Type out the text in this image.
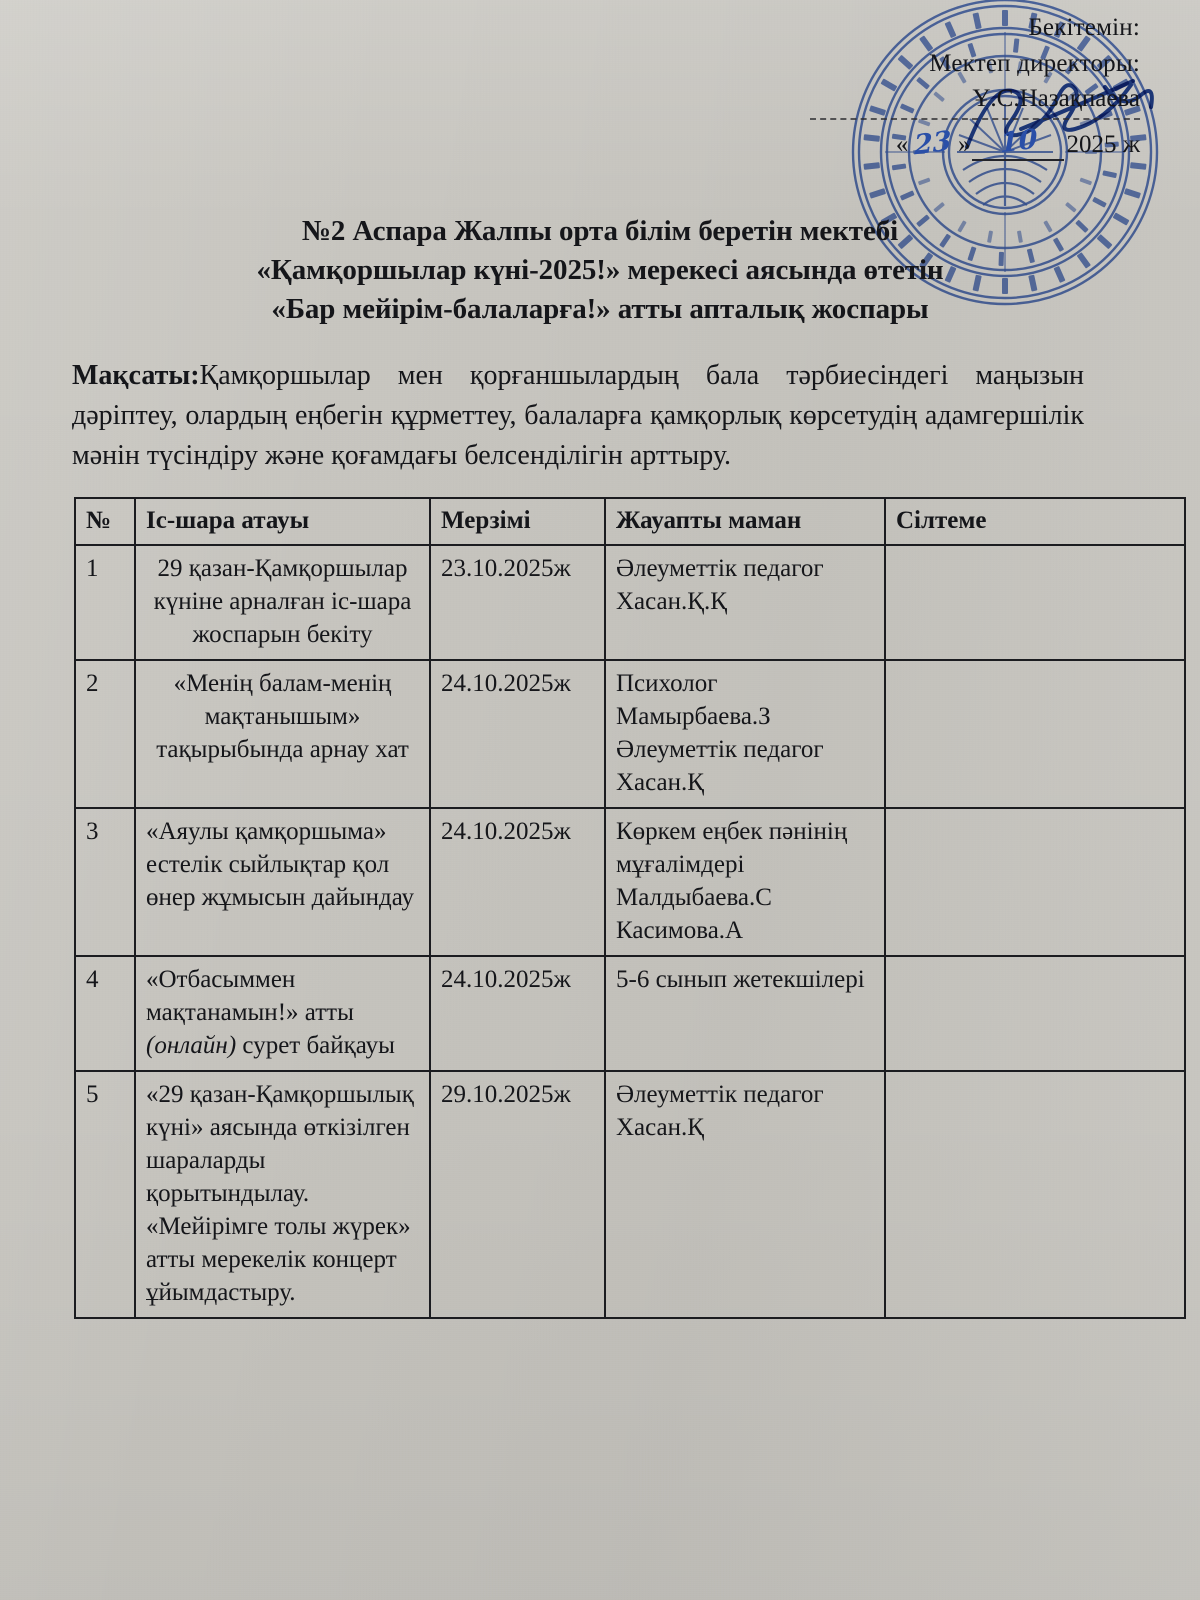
Бекітемін:
Мектеп директоры:
Ұ.С.Назақпаева
« 23 »	10	2025 ж
№2 Аспара Жалпы орта білім беретін мектебі
«Қамқоршылар күні-2025!» мерекесі аясында өтетін
«Бар мейірім-балаларға!» атты апталық жоспары
Мақсаты:Қамқоршылар мен қорғаншылардың бала тәрбиесіндегі маңызын дәріптеу, олардың еңбегін құрметтеу, балаларға қамқорлық көрсетудің адамгершілік мәнін түсіндіру және қоғамдағы белсенділігін арттыру.
№	Іс-шара атауы	Мерзімі	Жауапты маман	Сілтеме
1	29 қазан-Қамқоршылар күніне арналған іс-шара жоспарын бекіту	23.10.2025ж	Әлеуметтік педагог Хасан.Қ.Қ	
2	«Менің балам-менің мақтанышым» тақырыбында арнау хат	24.10.2025ж	Психолог Мамырбаева.З Әлеуметтік педагог Хасан.Қ	
3	«Аяулы қамқоршыма» естелік сыйлықтар қол өнер жұмысын дайындау	24.10.2025ж	Көркем еңбек пәнінің мұғалімдері Малдыбаева.С Касимова.А	
4	«Отбасыммен мақтанамын!» атты (онлайн) сурет байқауы	24.10.2025ж	5-6 сынып жетекшілері	
5	«29 қазан-Қамқоршылық күні» аясында өткізілген шараларды қорытындылау. «Мейірімге толы жүрек» атты мерекелік концерт ұйымдастыру.	29.10.2025ж	Әлеуметтік педагог Хасан.Қ	
